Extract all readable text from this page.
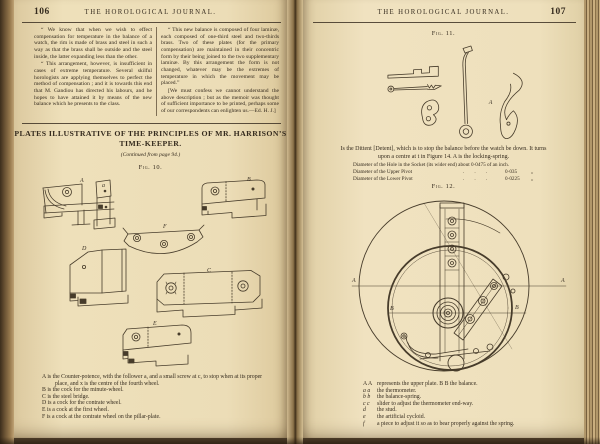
106	THE HOROLOGICAL JOURNAL.

“ We know that when we wish to effect compensation for temperature in the balance of a watch, the rim is made of brass and steel in such a way as that the brass shall be outside and the steel inside, the latter expanding less than the other.

“ This arrangement, however, is insufficient in cases of extreme temperature. Several skilful horologists are applying themselves to perfect the method of compensation ; and it is towards this end that M. Gandiou has directed his labours, and he hopes to have attained it by means of the new balance which he presents to the class.

“ This new balance is composed of four laminæ, each composed of one-third steel and two-thirds brass. Two of these plates (for the primary compensation) are maintained in their concentric form by their being joined to the two supplementary laminæ. By this arrangement the form is not changed, whatever may be the extremes of temperature in which the movement may be placed.”

[We must confess we cannot understand the above description ; but as the memoir was thought of sufficient importance to be printed, perhaps some of our correspondents can enlighten us.—Ed. H. J.]

PLATES ILLUSTRATIVE OF THE PRINCIPLES OF MR. HARRISON’S
TIME-KEEPER.
(Continued from page 94.)
Fig. 10.
A
a
B
F
D
C
E
A is the Counter-potence, with the follower a, and a small screw at c, to stop when at its proper place, and x is the centre of the fourth wheel.
B is the cock for the minute-wheel.
C is the steel bridge.
D is a cock for the contrate wheel.
E is a cock at the first wheel.
F is a cock at the contrate wheel on the pillar-plate.
THE HOROLOGICAL JOURNAL.	107
Fig. 11.
A
Is the Dittent [Detent], which is to stop the balance before the watch be down. It turns
upon a centre at t in Figure 14. A is the locking-spring.
Diameter of the Hole in the Socket (its wider end) about 0·0475 of an inch.
Diameter of the Upper Pivot	.        .        .	0·035	„
Diameter of the Lower Pivot	.        .        .	0·0225	„
Fig. 12.
A	A
B	B
A A represents the upper plate. B B the balance.
a a the thermometer.
b b the balance-spring.
c c slider to adjust the thermometer end-way.
d the stud.
e the artificial cycloid.
f a piece to adjust it so as to bear properly against the spring.
